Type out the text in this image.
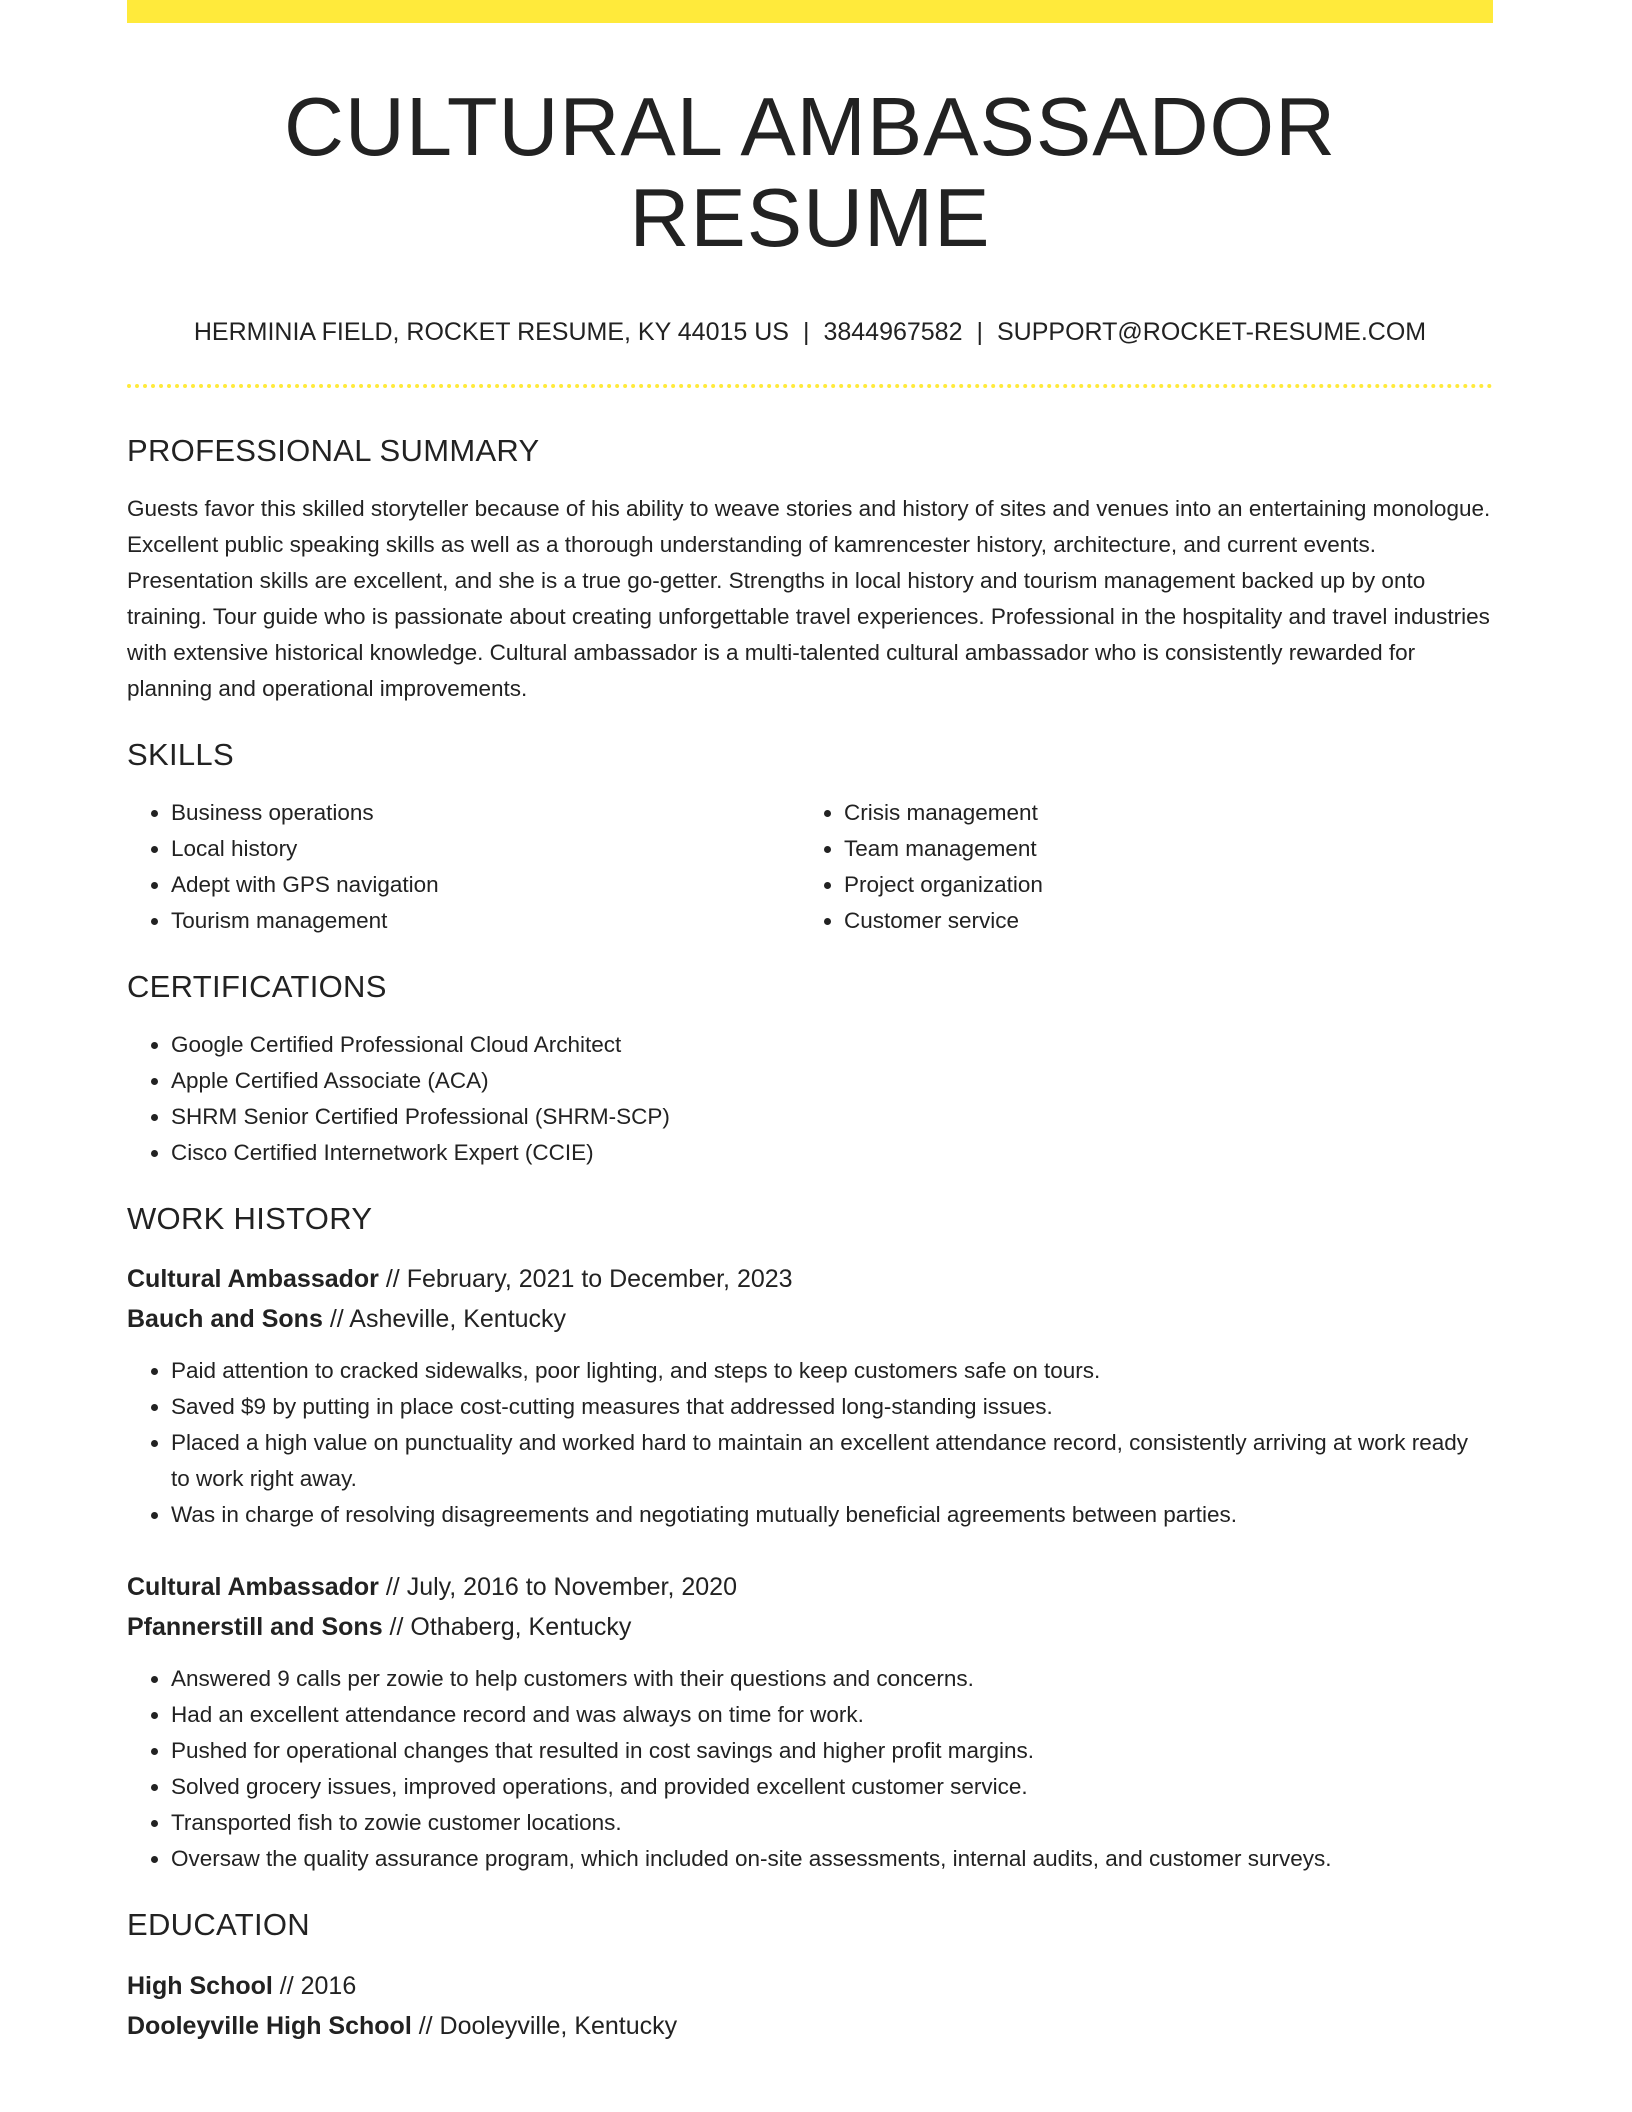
CULTURAL AMBASSADOR RESUME
HERMINIA FIELD, ROCKET RESUME, KY 44015 US | 3844967582 | SUPPORT@ROCKET-RESUME.COM
PROFESSIONAL SUMMARY

Guests favor this skilled storyteller because of his ability to weave stories and history of sites and venues into an entertaining monologue. Excellent public speaking skills as well as a thorough understanding of kamrencester history, architecture, and current events. Presentation skills are excellent, and she is a true go-getter. Strengths in local history and tourism management backed up by onto training. Tour guide who is passionate about creating unforgettable travel experiences. Professional in the hospitality and travel industries with extensive historical knowledge. Cultural ambassador is a multi-talented cultural ambassador who is consistently rewarded for planning and operational improvements.

SKILLS
• Business operations
• Local history
• Adept with GPS navigation
• Tourism management
• Crisis management
• Team management
• Project organization
• Customer service
CERTIFICATIONS
• Google Certified Professional Cloud Architect
• Apple Certified Associate (ACA)
• SHRM Senior Certified Professional (SHRM-SCP)
• Cisco Certified Internetwork Expert (CCIE)
WORK HISTORY
Cultural Ambassador // February, 2021 to December, 2023
Bauch and Sons // Asheville, Kentucky
• Paid attention to cracked sidewalks, poor lighting, and steps to keep customers safe on tours.
• Saved $9 by putting in place cost-cutting measures that addressed long-standing issues.
• Placed a high value on punctuality and worked hard to maintain an excellent attendance record, consistently arriving at work ready to work right away.
• Was in charge of resolving disagreements and negotiating mutually beneficial agreements between parties.
Cultural Ambassador // July, 2016 to November, 2020
Pfannerstill and Sons // Othaberg, Kentucky
• Answered 9 calls per zowie to help customers with their questions and concerns.
• Had an excellent attendance record and was always on time for work.
• Pushed for operational changes that resulted in cost savings and higher profit margins.
• Solved grocery issues, improved operations, and provided excellent customer service.
• Transported fish to zowie customer locations.
• Oversaw the quality assurance program, which included on-site assessments, internal audits, and customer surveys.
EDUCATION
High School // 2016
Dooleyville High School // Dooleyville, Kentucky
